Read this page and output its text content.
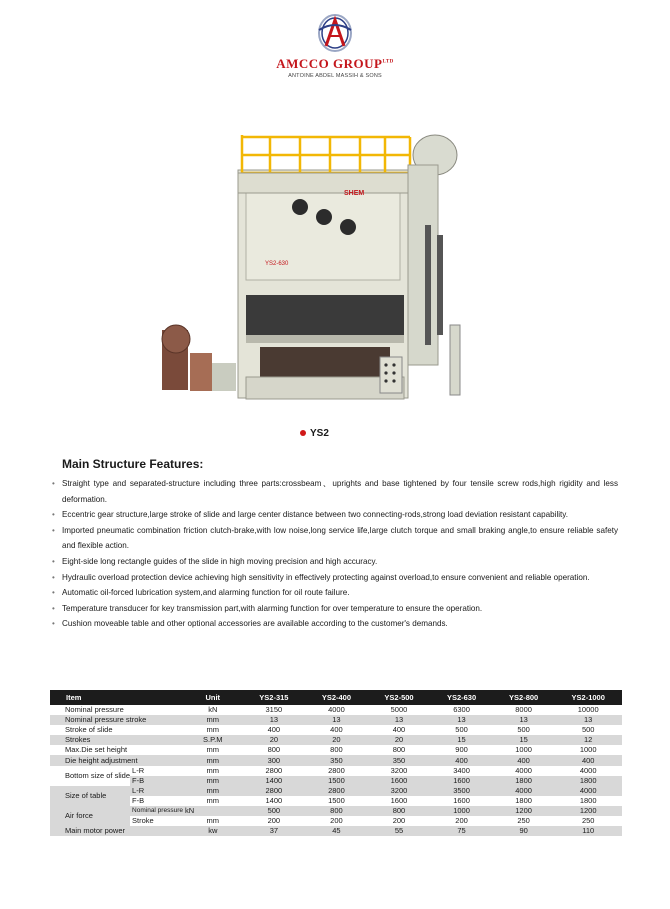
AMCCO $GROUP^{LTD}$
ANTOINE ABDEL MASSIH & SONS
SHEM
YS2-630
YS2
Main Structure Features:
• Straight type and separated-structure including three parts:crossbeam、uprights and base tightened by four tensile screw rods,high rigidity and less deformation.
• Eccentric gear structure,large stroke of slide and large center distance between two connecting-rods,strong load deviation resistant capability.
• Imported pneumatic combination friction clutch-brake,with low noise,long service life,large clutch torque and small braking angle,to ensure reliable safety and flexible action.
• Eight-side long rectangle guides of the slide in high moving precision and high accuracy.
• Hydraulic overload protection device achieving high sensitivity in effectively protecting against overload,to ensure convenient and reliable operation.
• Automatic oil-forced lubrication system,and alarming function for oil route failure.
• Temperature transducer for key transmission part,with alarming function for over temperature to ensure the operation.
• Cushion moveable table and other optional accessories are available according to the customer's demands.
Item		Unit	YS2-315	YS2-400	YS2-500	YS2-630	YS2-800	YS2-1000
Nominal pressure		kN	3150	4000	5000	6300	8000	10000
Nominal pressure stroke		mm	13	13	13	13	13	13
Stroke of slide		mm	400	400	400	500	500	500
Strokes		S.P.M	20	20	20	15	15	12
Max.Die set height		mm	800	800	800	900	1000	1000
Die height adjustment		mm	300	350	350	400	400	400
Bottom size of slide	L-R	mm	2800	2800	3200	3400	4000	4000
	F-B	mm	1400	1500	1600	1600	1800	1800
Size of table	L-R	mm	2800	2800	3200	3500	4000	4000
	F-B	mm	1400	1500	1600	1600	1800	1800
Air force	Nominal pressure	kN	500	800	800	1000	1200	1200
	Stroke	mm	200	200	200	200	250	250
Main motor power		kw	37	45	55	75	90	110
